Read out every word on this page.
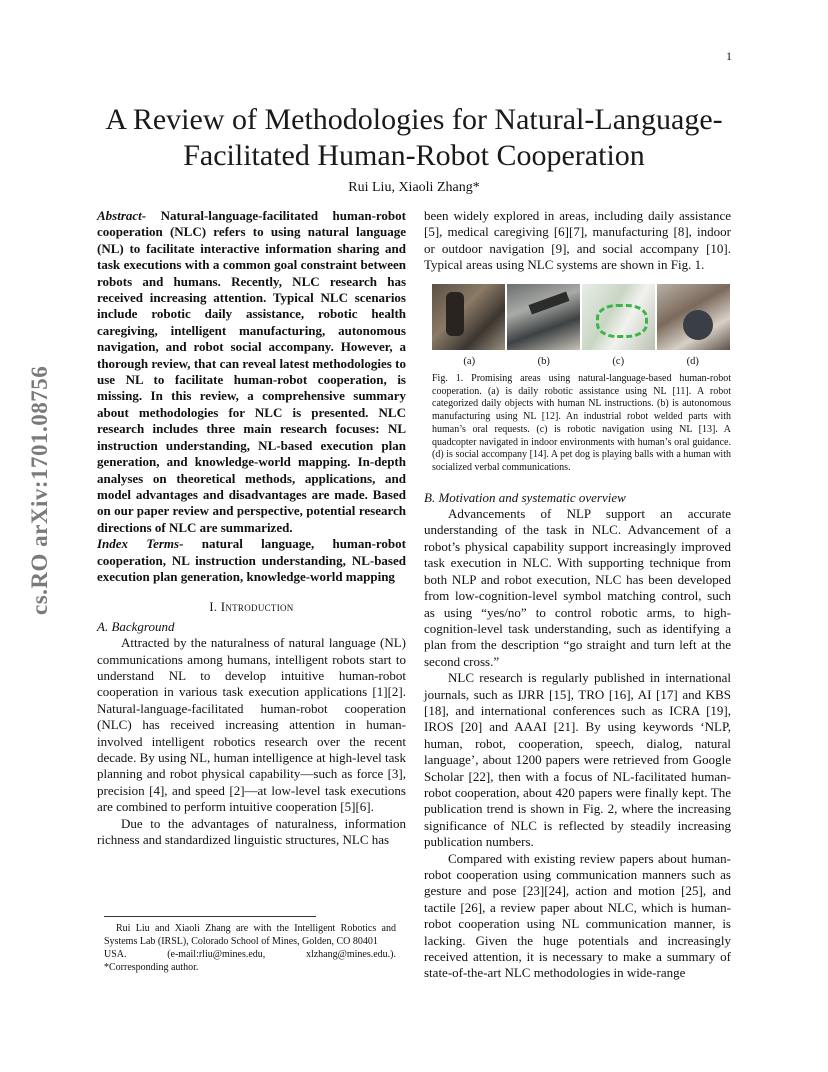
1
cs.RO arXiv:1701.08756
A Review of Methodologies for Natural-Language-Facilitated Human-Robot Cooperation
Rui Liu, Xiaoli Zhang*

Abstract- Natural-language-facilitated human-robot cooperation (NLC) refers to using natural language (NL) to facilitate interactive information sharing and task executions with a common goal constraint between robots and humans. Recently, NLC research has received increasing attention. Typical NLC scenarios include robotic daily assistance, robotic health caregiving, intelligent manufacturing, autonomous navigation, and robot social accompany. However, a thorough review, that can reveal latest methodologies to use NL to facilitate human-robot cooperation, is missing. In this review, a comprehensive summary about methodologies for NLC is presented. NLC research includes three main research focuses: NL instruction understanding, NL-based execution plan generation, and knowledge-world mapping. In-depth analyses on theoretical methods, applications, and model advantages and disadvantages are made. Based on our paper review and perspective, potential research directions of NLC are summarized.

Index Terms- natural language, human-robot cooperation, NL instruction understanding, NL-based execution plan generation, knowledge-world mapping

I. Introduction
A. Background

Attracted by the naturalness of natural language (NL) communications among humans, intelligent robots start to understand NL to develop intuitive human-robot cooperation in various task execution applications [1][2]. Natural-language-facilitated human-robot cooperation (NLC) has received increasing attention in human-involved intelligent robotics research over the recent decade. By using NL, human intelligence at high-level task planning and robot physical capability—such as force [3], precision [4], and speed [2]—at low-level task executions are combined to perform intuitive cooperation [5][6].

Due to the advantages of naturalness, information richness and standardized linguistic structures, NLC has

Rui Liu and Xiaoli Zhang are with the Intelligent Robotics and Systems Lab (IRSL), Colorado School of Mines, Golden, CO 80401
USA.	(e-mail:rliu@mines.edu,	xlzhang@mines.edu.).
*Corresponding author.

been widely explored in areas, including daily assistance [5], medical caregiving [6][7], manufacturing [8], indoor or outdoor navigation [9], and social accompany [10]. Typical areas using NLC systems are shown in Fig. 1.

(a)	(b)	(c)	(d)

Fig. 1. Promising areas using natural-language-based human-robot cooperation. (a) is daily robotic assistance using NL [11]. A robot categorized daily objects with human NL instructions. (b) is autonomous manufacturing using NL [12]. An industrial robot welded parts with human’s oral requests. (c) is robotic navigation using NL [13]. A quadcopter navigated in indoor environments with human’s oral guidance. (d) is social accompany [14]. A pet dog is playing balls with a human with socialized verbal communications.

B. Motivation and systematic overview

Advancements of NLP support an accurate understanding of the task in NLC. Advancement of a robot’s physical capability support increasingly improved task execution in NLC. With supporting technique from both NLP and robot execution, NLC has been developed from low-cognition-level symbol matching control, such as using “yes/no” to control robotic arms, to high-cognition-level task understanding, such as identifying a plan from the description “go straight and turn left at the second cross.”

NLC research is regularly published in international journals, such as IJRR [15], TRO [16], AI [17] and KBS [18], and international conferences such as ICRA [19], IROS [20] and AAAI [21]. By using keywords ‘NLP, human, robot, cooperation, speech, dialog, natural language’, about 1200 papers were retrieved from Google Scholar [22], then with a focus of NL-facilitated human-robot cooperation, about 420 papers were finally kept. The publication trend is shown in Fig. 2, where the increasing significance of NLC is reflected by steadily increasing publication numbers.

Compared with existing review papers about human-robot cooperation using communication manners such as gesture and pose [23][24], action and motion [25], and tactile [26], a review paper about NLC, which is human-robot cooperation using NL communication manner, is lacking. Given the huge potentials and increasingly received attention, it is necessary to make a summary of state-of-the-art NLC methodologies in wide-range
